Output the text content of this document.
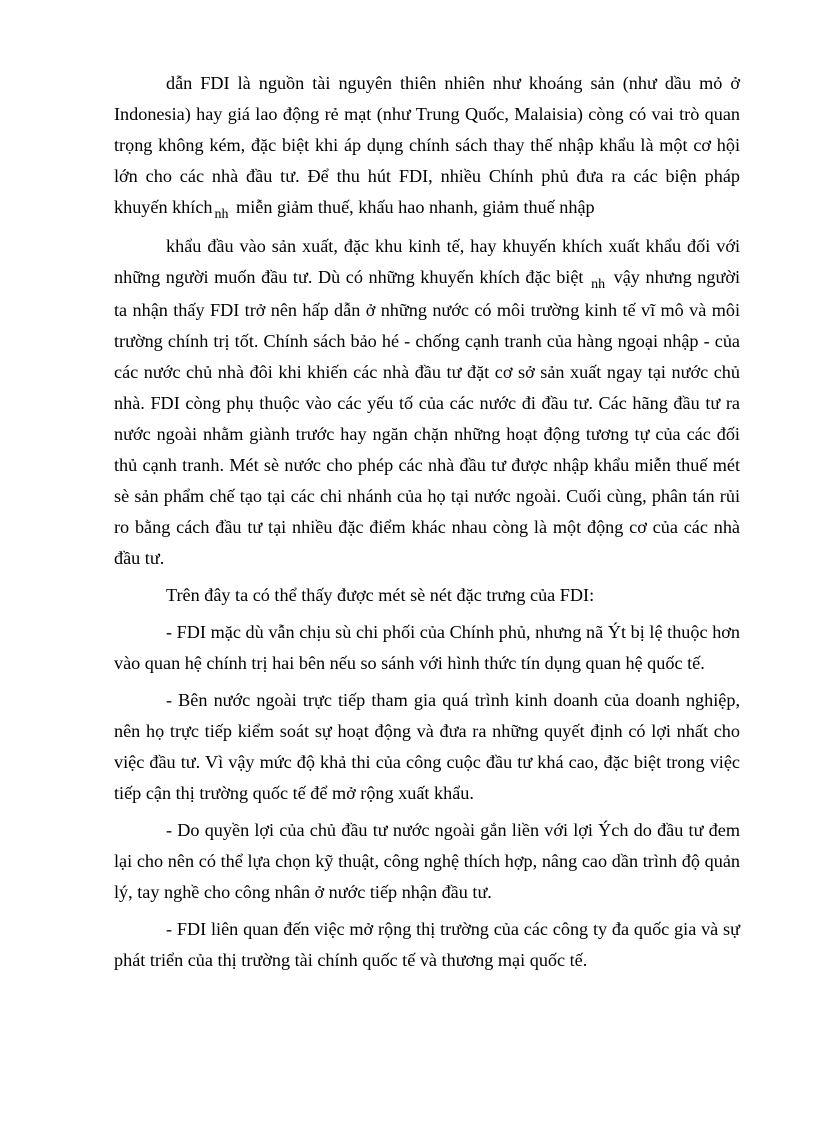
dẫn FDI là nguồn tài nguyên thiên nhiên như khoáng sản (như dầu mỏ ở Indonesia) hay giá lao động rẻ mạt (như Trung Quốc, Malaisia) còng có vai trò quan trọng không kém, đặc biệt khi áp dụng chính sách thay thế nhập khẩu là một cơ hội lớn cho các nhà đầu tư. Để thu hút FDI, nhiều Chính phủ đưa ra các biện pháp khuyến khích $_{nh}$ miễn giảm thuế, khấu hao nhanh, giảm thuế nhập

khẩu đầu vào sản xuất, đặc khu kinh tế, hay khuyến khích xuất khẩu đối với những người muốn đầu tư. Dù có những khuyến khích đặc biệt $_{nh}$ vậy nhưng người ta nhận thấy FDI trở nên hấp dẫn ở những nước có môi trường kinh tế vĩ mô và môi trường chính trị tốt. Chính sách bảo hé - chống cạnh tranh của hàng ngoại nhập - của các nước chủ nhà đôi khi khiến các nhà đầu tư đặt cơ sở sản xuất ngay tại nước chủ nhà. FDI còng phụ thuộc vào các yếu tố của các nước đi đầu tư. Các hãng đầu tư ra nước ngoài nhằm giành trước hay ngăn chặn những hoạt động tương tự của các đối thủ cạnh tranh. Mét sè nước cho phép các nhà đầu tư được nhập khẩu miễn thuế mét sè sản phẩm chế tạo tại các chi nhánh của họ tại nước ngoài. Cuối cùng, phân tán rủi ro bằng cách đầu tư tại nhiều đặc điểm khác nhau còng là một động cơ của các nhà đầu tư.

Trên đây ta có thể thấy được mét sè nét đặc trưng của FDI:

- FDI mặc dù vẫn chịu sù chi phối của Chính phủ, nhưng nã Ýt bị lệ thuộc hơn vào quan hệ chính trị hai bên nếu so sánh với hình thức tín dụng quan hệ quốc tế.

- Bên nước ngoài trực tiếp tham gia quá trình kinh doanh của doanh nghiệp, nên họ trực tiếp kiểm soát sự hoạt động và đưa ra những quyết định có lợi nhất cho việc đầu tư. Vì vậy mức độ khả thi của công cuộc đầu tư khá cao, đặc biệt trong việc tiếp cận thị trường quốc tế để mở rộng xuất khẩu.

- Do quyền lợi của chủ đầu tư nước ngoài gắn liền với lợi Ých do đầu tư đem lại cho nên có thể lựa chọn kỹ thuật, công nghệ thích hợp, nâng cao dần trình độ quản lý, tay nghề cho công nhân ở nước tiếp nhận đầu tư.

- FDI liên quan đến việc mở rộng thị trường của các công ty đa quốc gia và sự phát triển của thị trường tài chính quốc tế và thương mại quốc tế.
